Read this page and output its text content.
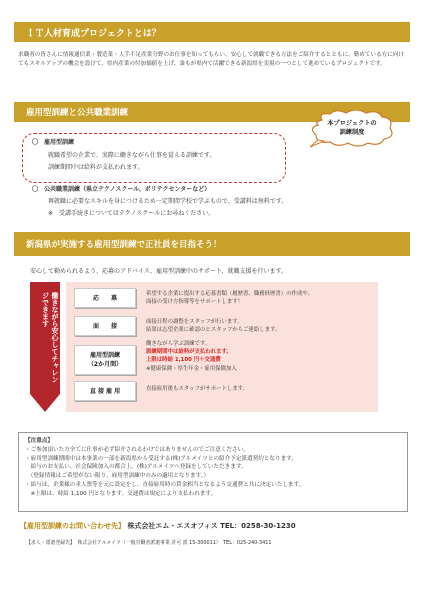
ＩＴ人材育成プロジェクトとは？
求職者の皆さんに情報通信業・製造業・人手不足産業分野のお仕事を知ってもらい、安心して就職できる方法をご紹介するとともに、勤めている方に向けてもスキルアップの機会を設けて、県内産業の付加価値を上げ、誰もが県内で活躍できる新潟県を実現の一つとして進めているプロジェクトです。
雇用型訓練と公共職業訓練
本プロジェクトの
訓練制度
〇　雇用型訓練
就職希望の企業で、実際に働きながら仕事を覚える訓練です。
訓練期間中は給料が支払われます。
〇　公共職業訓練（県立テクノスクール、ポリテクセンターなど）
再就職に必要なスキルを身につけるため一定期間学校で学ぶもので、受講料は無料です。
※　受講手続きについてはテクノスクールにお尋ねください。
新潟県が実施する雇用型訓練で正社員を目指そう！
安心して勤められるよう、応募のアドバイス、雇用型訓練中のサポート、就職支援を行います。
働きながら安心してチャレンジできます	応　　募
希望する企業に提出する応募書類（履歴書、職務経歴書）の作成や、
面接の受け方指導等をサポートします！
面　　接
面接日程の調整をスタッフが行います。
結果は志望企業に確認のとスタッフからご連絡します。
雇用型訓練
（2か月間）
働きながら学ぶ訓練です。
訓練期間中は給料が支払われます。
上限は時給 1,100 円＋交通費
※健康保険・厚生年金・雇用保険加入
直 接 雇 用	直接雇用後もスタッフがサポートします。
【注意点】
・ご参加頂いた方全てに仕事が必ず紹介されるわけではありませんのでご注意ください。
・雇用型訓練期間中は本事業の一部を新潟県から受託する(株)アルメイツとの紹介予定派遣契約となります。
　給与のお支払い、社会保険加入の都合上、(株)アルメイツへ登録をしていただきます。
　（登録情報はご希望がない限り、雇用型訓練中のみの適用となります。）
・給与は、企業様の求人票等を元に設定をし、直接雇用時の賃金相当となるよう交通費と共に決定いたします。
　※上限は、時給 1,100 円となります。交通費は規定により支払われます。
【雇用型訓練のお問い合わせ先】 株式会社エム・エスオフィス TEL：0258-30-1230
【求人・派遣登録先】　株式会社アルメイツ（一般労働者派遣事業 許可 派 15-300011）　TEL：025-240-3411
